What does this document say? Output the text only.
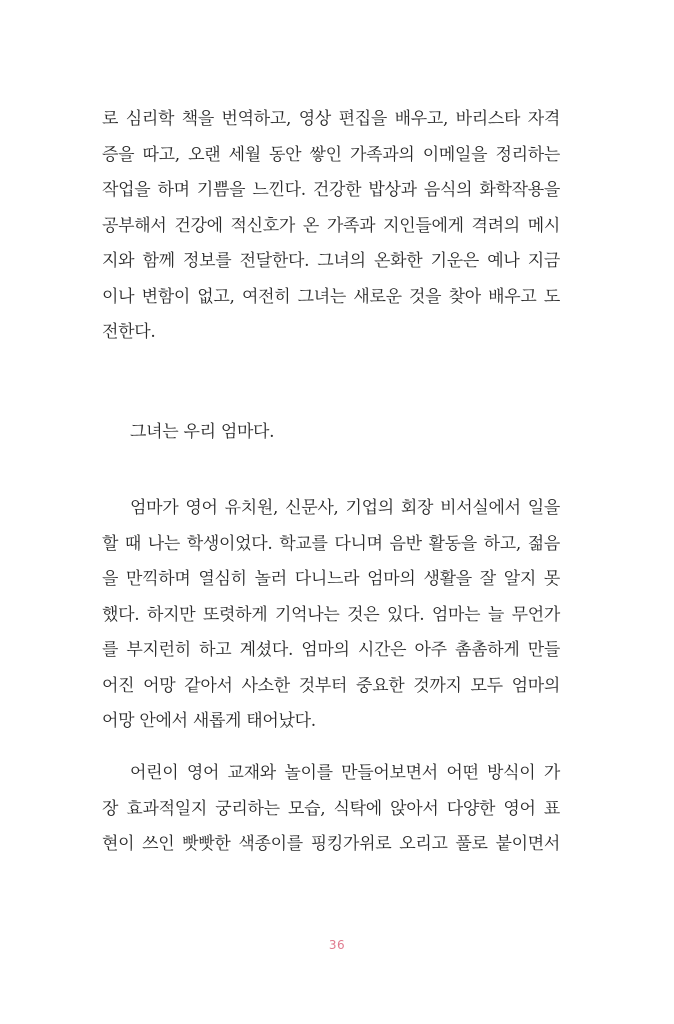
로 심리학 책을 번역하고, 영상 편집을 배우고, 바리스타 자격
증을 따고, 오랜 세월 동안 쌓인 가족과의 이메일을 정리하는
작업을 하며 기쁨을 느낀다. 건강한 밥상과 음식의 화학작용을
공부해서 건강에 적신호가 온 가족과 지인들에게 격려의 메시
지와 함께 정보를 전달한다. 그녀의 온화한 기운은 예나 지금
이나 변함이 없고, 여전히 그녀는 새로운 것을 찾아 배우고 도
전한다.
그녀는 우리 엄마다.
엄마가 영어 유치원, 신문사, 기업의 회장 비서실에서 일을
할 때 나는 학생이었다. 학교를 다니며 음반 활동을 하고, 젊음
을 만끽하며 열심히 놀러 다니느라 엄마의 생활을 잘 알지 못
했다. 하지만 또렷하게 기억나는 것은 있다. 엄마는 늘 무언가
를 부지런히 하고 계셨다. 엄마의 시간은 아주 촘촘하게 만들
어진 어망 같아서 사소한 것부터 중요한 것까지 모두 엄마의
어망 안에서 새롭게 태어났다.
어린이 영어 교재와 놀이를 만들어보면서 어떤 방식이 가
장 효과적일지 궁리하는 모습, 식탁에 앉아서 다양한 영어 표
현이 쓰인 빳빳한 색종이를 핑킹가위로 오리고 풀로 붙이면서
36
